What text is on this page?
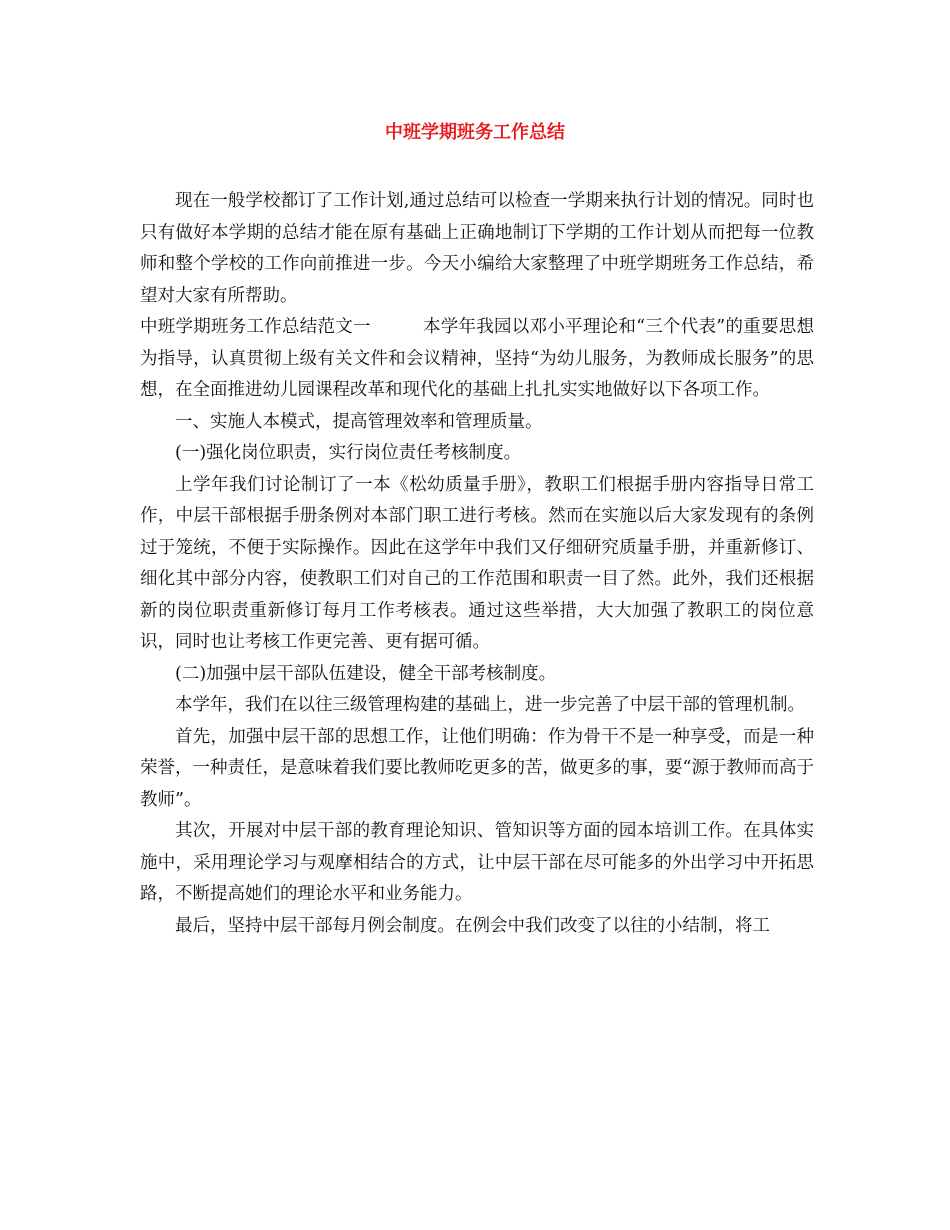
中班学期班务工作总结

现在一般学校都订了工作计划,通过总结可以检查一学期来执行计划的情况。同时也只有做好本学期的总结才能在原有基础上正确地制订下学期的工作计划从而把每一位教师和整个学校的工作向前推进一步。今天小编给大家整理了中班学期班务工作总结，希望对大家有所帮助。

中班学期班务工作总结范文一	本学年我园以邓小平理论和“三个代表”的重要思想为指导，认真贯彻上级有关文件和会议精神，坚持“为幼儿服务，为教师成长服务”的思想，在全面推进幼儿园课程改革和现代化的基础上扎扎实实地做好以下各项工作。

一、实施人本模式，提高管理效率和管理质量。

(一)强化岗位职责，实行岗位责任考核制度。

上学年我们讨论制订了一本《松幼质量手册》，教职工们根据手册内容指导日常工作，中层干部根据手册条例对本部门职工进行考核。然而在实施以后大家发现有的条例过于笼统，不便于实际操作。因此在这学年中我们又仔细研究质量手册，并重新修订、细化其中部分内容，使教职工们对自己的工作范围和职责一目了然。此外，我们还根据新的岗位职责重新修订每月工作考核表。通过这些举措，大大加强了教职工的岗位意识，同时也让考核工作更完善、更有据可循。

(二)加强中层干部队伍建设，健全干部考核制度。

本学年，我们在以往三级管理构建的基础上，进一步完善了中层干部的管理机制。

首先，加强中层干部的思想工作，让他们明确：作为骨干不是一种享受，而是一种荣誉，一种责任，是意味着我们要比教师吃更多的苦，做更多的事，要“源于教师而高于教师”。

其次，开展对中层干部的教育理论知识、管知识等方面的园本培训工作。在具体实施中，采用理论学习与观摩相结合的方式，让中层干部在尽可能多的外出学习中开拓思路，不断提高她们的理论水平和业务能力。

最后，坚持中层干部每月例会制度。在例会中我们改变了以往的小结制，将工
